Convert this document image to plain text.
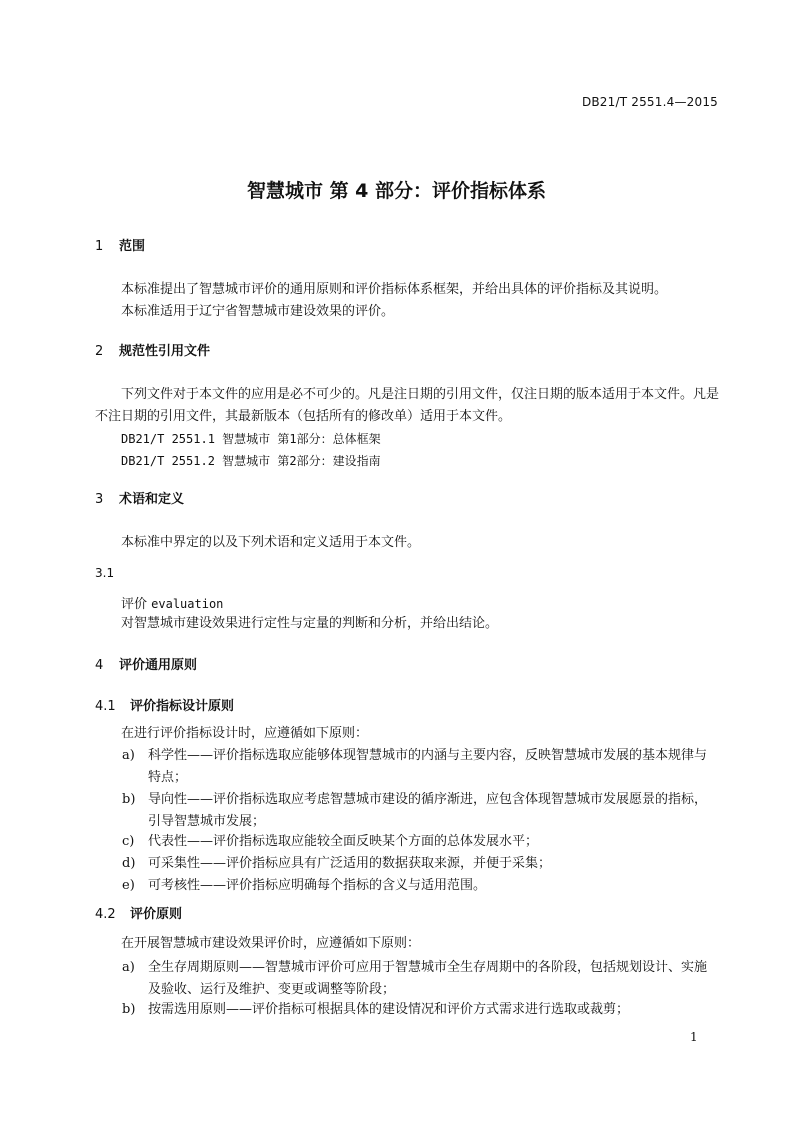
DB21/T 2551.4—2015
智慧城市 第 4 部分：评价指标体系
1 范围
本标准提出了智慧城市评价的通用原则和评价指标体系框架，并给出具体的评价指标及其说明。
本标准适用于辽宁省智慧城市建设效果的评价。
2 规范性引用文件
下列文件对于本文件的应用是必不可少的。凡是注日期的引用文件，仅注日期的版本适用于本文件。凡是不注日期的引用文件，其最新版本（包括所有的修改单）适用于本文件。
DB21/T 2551.1 智慧城市 第1部分：总体框架
DB21/T 2551.2 智慧城市 第2部分：建设指南
3 术语和定义
本标准中界定的以及下列术语和定义适用于本文件。
3.1
评价 evaluation
对智慧城市建设效果进行定性与定量的判断和分析，并给出结论。
4 评价通用原则
4.1 评价指标设计原则
在进行评价指标设计时，应遵循如下原则：
a) 科学性——评价指标选取应能够体现智慧城市的内涵与主要内容，反映智慧城市发展的基本规律与特点；
b) 导向性——评价指标选取应考虑智慧城市建设的循序渐进，应包含体现智慧城市发展愿景的指标，引导智慧城市发展；
c) 代表性——评价指标选取应能较全面反映某个方面的总体发展水平；
d) 可采集性——评价指标应具有广泛适用的数据获取来源，并便于采集；
e) 可考核性——评价指标应明确每个指标的含义与适用范围。
4.2 评价原则
在开展智慧城市建设效果评价时，应遵循如下原则：
a) 全生存周期原则——智慧城市评价可应用于智慧城市全生存周期中的各阶段，包括规划设计、实施及验收、运行及维护、变更或调整等阶段；
b) 按需选用原则——评价指标可根据具体的建设情况和评价方式需求进行选取或裁剪；
1
